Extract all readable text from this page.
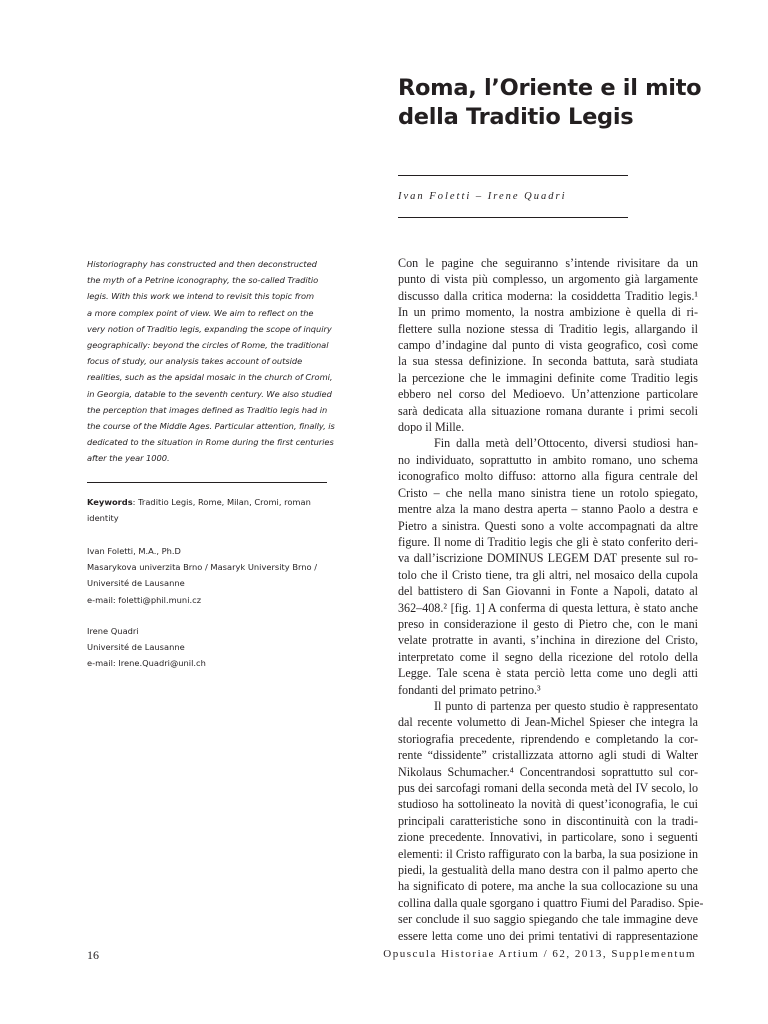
Roma, l’Oriente e il mito
della Traditio Legis

Ivan Foletti – Irene Quadri

Historiography has constructed and then deconstructed
the myth of a Petrine iconography, the so-called Traditio
legis. With this work we intend to revisit this topic from
a more complex point of view. We aim to reflect on the
very notion of Traditio legis, expanding the scope of inquiry
geographically: beyond the circles of Rome, the traditional
focus of study, our analysis takes account of outside
realities, such as the apsidal mosaic in the church of Cromi,
in Georgia, datable to the seventh century. We also studied
the perception that images defined as Traditio legis had in
the course of the Middle Ages. Particular attention, finally, is
dedicated to the situation in Rome during the first centuries
after the year 1000.
Keywords: Traditio Legis, Rome, Milan, Cromi, roman
identity
Ivan Foletti, M.A., Ph.D
Masarykova univerzita Brno / Masaryk University Brno /
Université de Lausanne
e-mail: foletti@phil.muni.cz
Irene Quadri
Université de Lausanne
e-mail: Irene.Quadri@unil.ch
Con le pagine che seguiranno s’intende rivisitare da un
punto di vista più complesso, un argomento già largamente
discusso dalla critica moderna: la cosiddetta Traditio legis.¹
In un primo momento, la nostra ambizione è quella di ri-
flettere sulla nozione stessa di Traditio legis, allargando il
campo d’indagine dal punto di vista geografico, così come
la sua stessa definizione. In seconda battuta, sarà studiata
la percezione che le immagini definite come Traditio legis
ebbero nel corso del Medioevo. Un’attenzione particolare
sarà dedicata alla situazione romana durante i primi secoli
dopo il Mille.
Fin dalla metà dell’Ottocento, diversi studiosi han-
no individuato, soprattutto in ambito romano, uno schema
iconografico molto diffuso: attorno alla figura centrale del
Cristo – che nella mano sinistra tiene un rotolo spiegato,
mentre alza la mano destra aperta – stanno Paolo a destra e
Pietro a sinistra. Questi sono a volte accompagnati da altre
figure. Il nome di Traditio legis che gli è stato conferito deri-
va dall’iscrizione DOMINUS LEGEM DAT presente sul ro-
tolo che il Cristo tiene, tra gli altri, nel mosaico della cupola
del battistero di San Giovanni in Fonte a Napoli, datato al
362–408.² [fig. 1] A conferma di questa lettura, è stato anche
preso in considerazione il gesto di Pietro che, con le mani
velate protratte in avanti, s’inchina in direzione del Cristo,
interpretato come il segno della ricezione del rotolo della
Legge. Tale scena è stata perciò letta come uno degli atti
fondanti del primato petrino.³
Il punto di partenza per questo studio è rappresentato
dal recente volumetto di Jean-Michel Spieser che integra la
storiografia precedente, riprendendo e completando la cor-
rente “dissidente” cristallizzata attorno agli studi di Walter
Nikolaus Schumacher.⁴ Concentrandosi soprattutto sul cor-
pus dei sarcofagi romani della seconda metà del IV secolo, lo
studioso ha sottolineato la novità di quest’iconografia, le cui
principali caratteristiche sono in discontinuità con la tradi-
zione precedente. Innovativi, in particolare, sono i seguenti
elementi: il Cristo raffigurato con la barba, la sua posizione in
piedi, la gestualità della mano destra con il palmo aperto che
ha significato di potere, ma anche la sua collocazione su una
collina dalla quale sgorgano i quattro Fiumi del Paradiso. Spie-
ser conclude il suo saggio spiegando che tale immagine deve
essere letta come uno dei primi tentativi di rappresentazione

16	Opuscula Historiae Artium / 62, 2013, Supplementum
